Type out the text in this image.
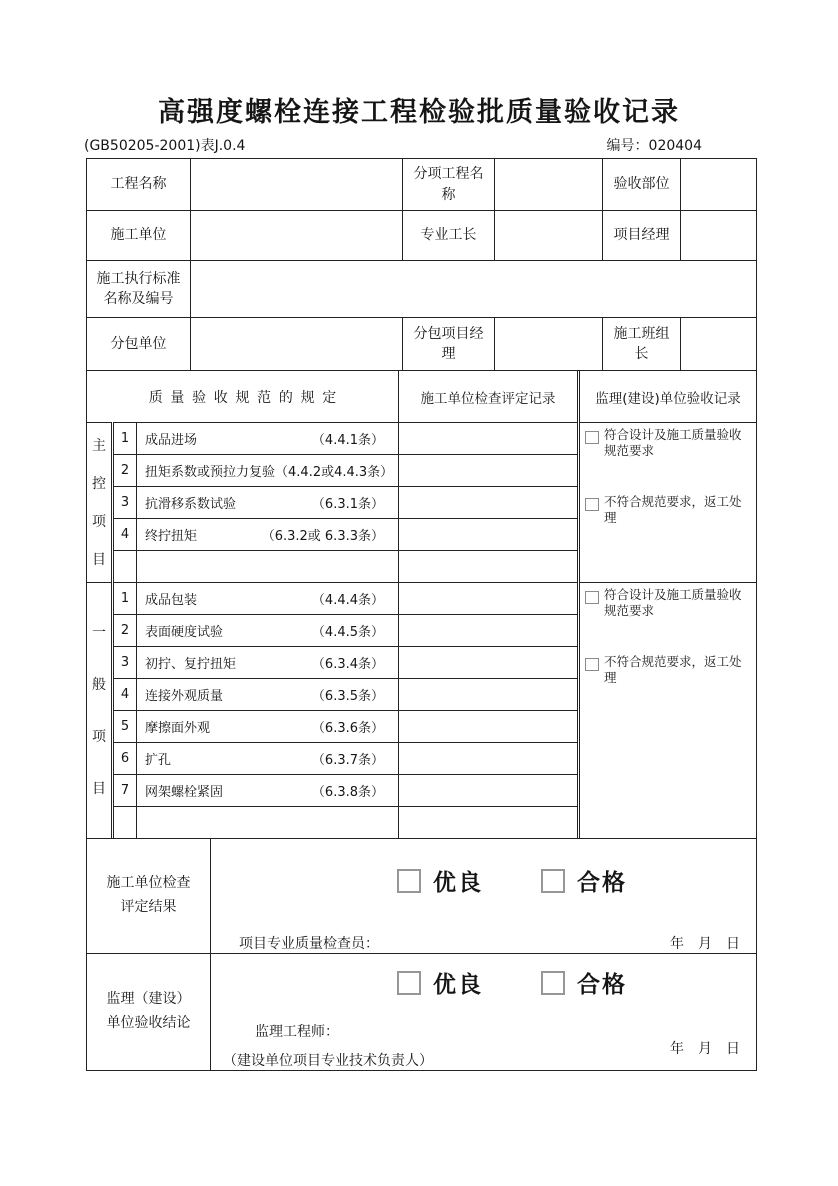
高强度螺栓连接工程检验批质量验收记录
(GB50205-2001)表J.0.4	编号：020404
工程名称		分项工程名称		验收部位	
施工单位		专业工长		项目经理	
施工执行标准名称及编号					
分包单位		分包项目经理		施工班组长	
质量验收规范的规定			施工单位检查评定记录	监理(建设)单位验收记录

主控项目
	1	成品进场	（4.4.1条）		符合设计及施工质量验收规范要求
不符合规范要求，返工处理

	2	扭矩系数或预拉力复验 （4.4.2或4.4.3条）		

	3	抗滑移系数试验 （6.3.1条）		

	4	终拧扭矩 （6.3.2或 6.3.3条）		

一般项目
	1	成品包装	（4.4.4条）		符合设计及施工质量验收规范要求
不符合规范要求，返工处理

	2	表面硬度试验 （4.4.5条）		

	3	初拧、复拧扭矩 （6.3.4条）		

	4	连接外观质量 （6.3.5条）		

	5	摩擦面外观 （6.3.6条）		

	6	扩孔 （6.3.7条）		

	7	网架螺栓紧固 （6.3.8条）		

施工单位检查评定结果	优良 合格
项目专业质量检查员： 年　月　日

监理（建设）单位验收结论	优良 合格
监理工程师：
（建设单位项目专业技术负责人）
年　月　日
